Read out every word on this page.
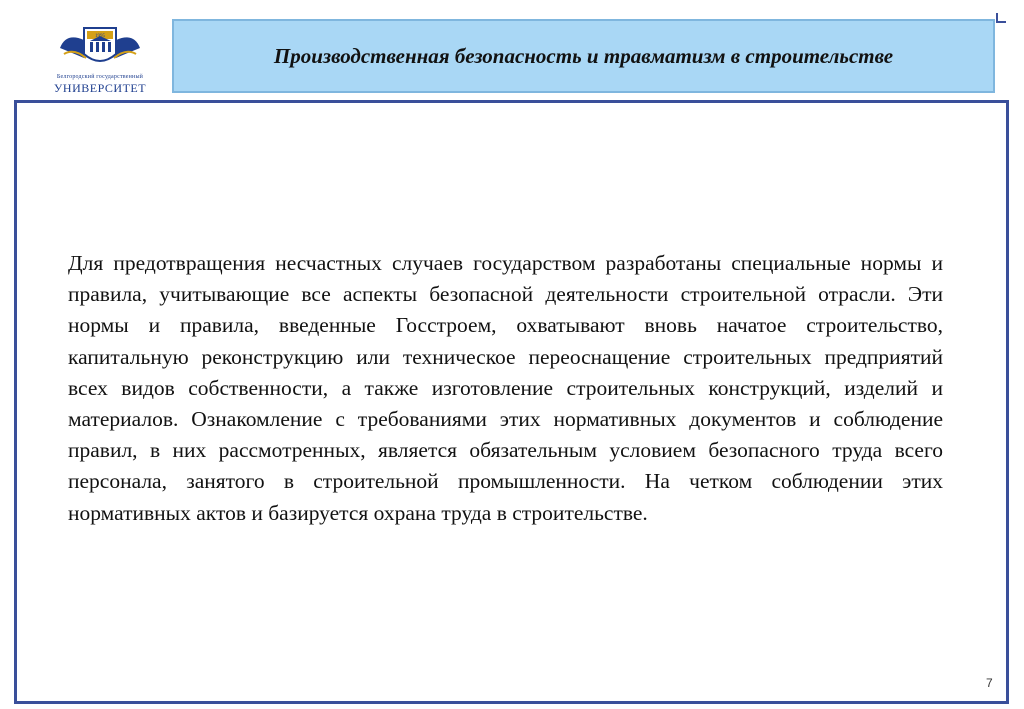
1995
Белгородский государственный
УНИВЕРСИТЕТ
Производственная безопасность и травматизм в строительстве

Для предотвращения несчастных случаев государством разработаны специальные нормы и правила, учитывающие все аспекты безопасной деятельности строительной отрасли. Эти нормы и правила, введенные Госстроем, охватывают вновь начатое строительство, капитальную реконструкцию или техническое переоснащение строительных предприятий всех видов собственности, а также изготовление строительных конструкций, изделий и материалов. Ознакомление с требованиями этих нормативных документов и соблюдение правил, в них рассмотренных, является обязательным условием безопасного труда всего персонала, занятого в строительной промышленности. На четком соблюдении этих нормативных актов и базируется охрана труда в строительстве.

7
